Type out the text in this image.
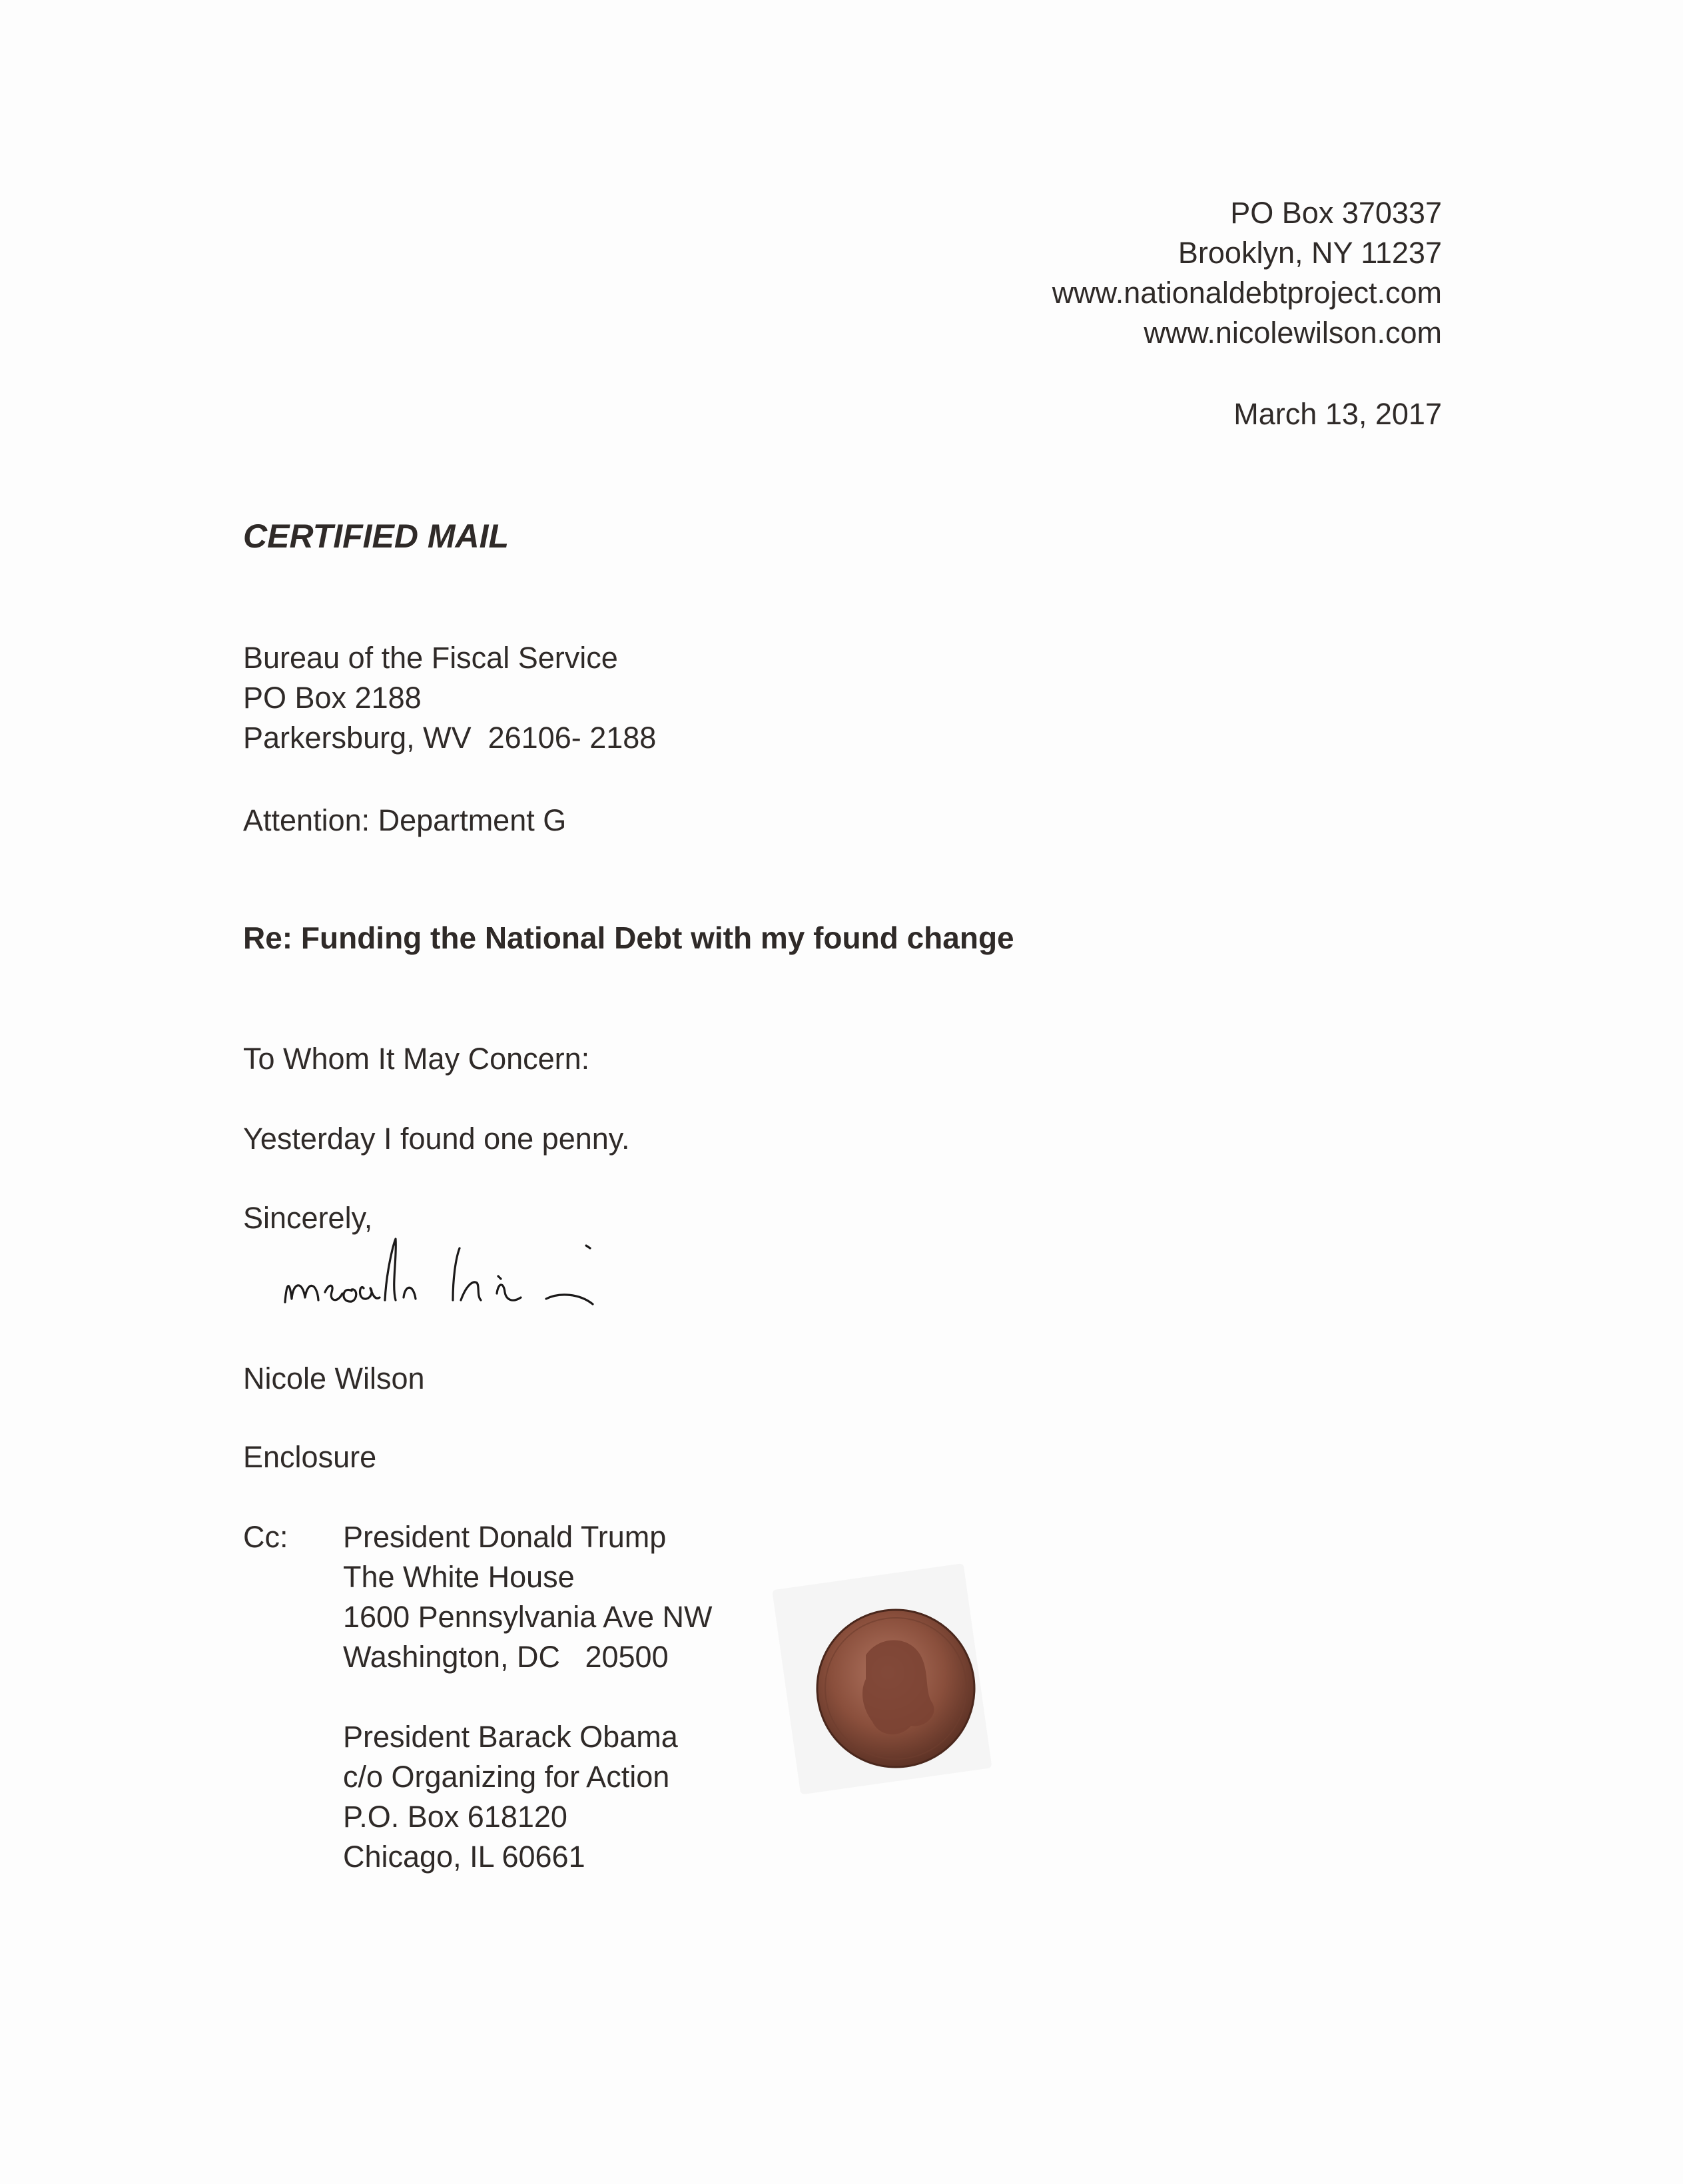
PO Box 370337
Brooklyn, NY 11237
www.nationaldebtproject.com
www.nicolewilson.com
March 13, 2017
CERTIFIED MAIL
Bureau of the Fiscal Service
PO Box 2188
Parkersburg, WV  26106- 2188
Attention: Department G
Re: Funding the National Debt with my found change
To Whom It May Concern:
Yesterday I found one penny.
Sincerely,
Nicole Wilson
Enclosure
Cc: President Donald Trump
The White House
1600 Pennsylvania Ave NW
Washington, DC   20500
President Barack Obama
c/o Organizing for Action
P.O. Box 618120
Chicago, IL 60661
